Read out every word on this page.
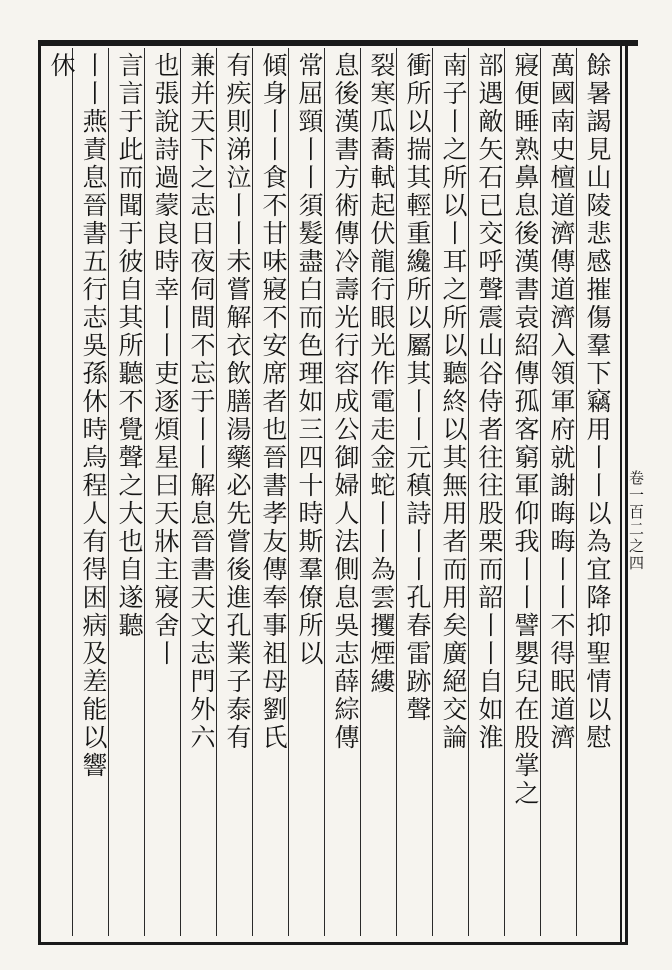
卷一百二之四
餘暑謁見山陵悲感摧傷羣下竊用丨丨以為宜降抑聖情以慰
萬國南史檀道濟傳道濟入領軍府就謝晦晦丨丨不得眠道濟
寢便睡熟鼻息後漢書袁紹傳孤客窮軍仰我丨丨譬嬰兒在股掌之
部遇敵矢石已交呼聲震山谷侍者往往股栗而韶丨丨自如淮
南子丨之所以丨耳之所以聽終以其無用者而用矣廣絕交論
衝所以揣其輕重纔所以屬其丨丨元稹詩丨丨孔春雷跡聲
裂寒瓜蕎軾起伏龍行眼光作電走金蛇丨丨為雲攫煙縷
息後漢書方術傳冷壽光行容成公御婦人法側息吳志薛綜傳
常屈頸丨丨須髮盡白而色理如三四十時斯羣僚所以
傾身丨丨食不甘味寢不安席者也晉書孝友傳奉事祖母劉氏
有疾則涕泣丨丨未嘗解衣飲膳湯藥必先嘗後進孔業子泰有
兼并天下之志日夜伺間不忘于丨丨解息晉書天文志門外六
也張說詩過蒙良時幸丨丨吏逐煩星曰天牀主寢舍丨
言言于此而聞于彼自其所聽不覺聲之大也自遂聽
丨丨燕責息晉書五行志吳孫休時烏程人有得困病及差能以響
休
